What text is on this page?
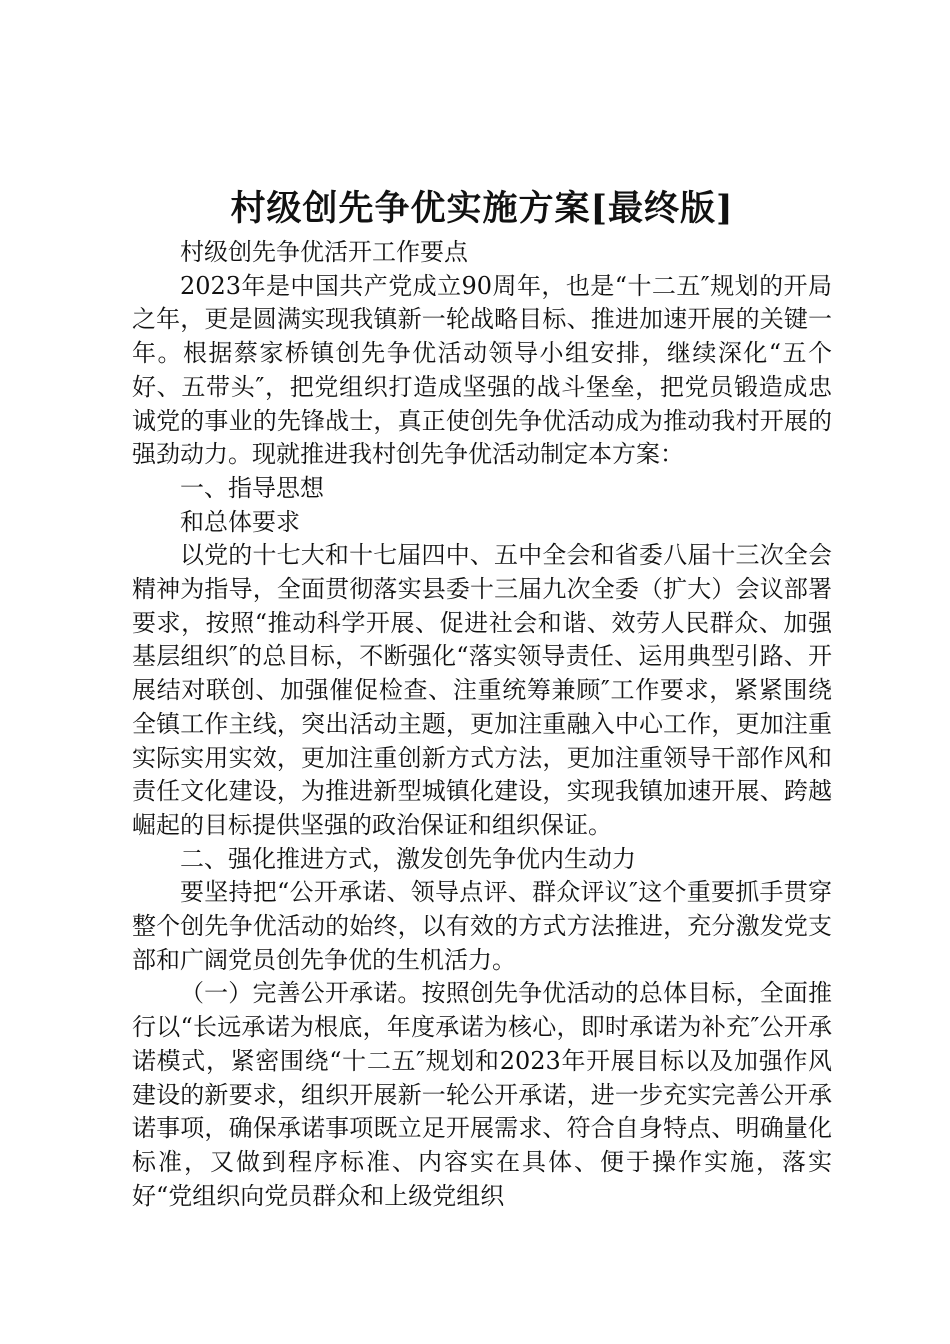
村级创先争优实施方案[最终版]

村级创先争优活开工作要点

2023年是中国共产党成立90周年，也是“十二五″规划的开局之年，更是圆满实现我镇新一轮战略目标、推进加速开展的关键一年。根据蔡家桥镇创先争优活动领导小组安排，继续深化“五个好、五带头″，把党组织打造成坚强的战斗堡垒，把党员锻造成忠诚党的事业的先锋战士，真正使创先争优活动成为推动我村开展的强劲动力。现就推进我村创先争优活动制定本方案：

一、指导思想

和总体要求

以党的十七大和十七届四中、五中全会和省委八届十三次全会精神为指导，全面贯彻落实县委十三届九次全委（扩大）会议部署要求，按照“推动科学开展、促进社会和谐、效劳人民群众、加强基层组织″的总目标，不断强化“落实领导责任、运用典型引路、开展结对联创、加强催促检查、注重统筹兼顾″工作要求，紧紧围绕全镇工作主线，突出活动主题，更加注重融入中心工作，更加注重实际实用实效，更加注重创新方式方法，更加注重领导干部作风和责任文化建设，为推进新型城镇化建设，实现我镇加速开展、跨越崛起的目标提供坚强的政治保证和组织保证。

二、强化推进方式，激发创先争优内生动力

要坚持把“公开承诺、领导点评、群众评议″这个重要抓手贯穿整个创先争优活动的始终，以有效的方式方法推进，充分激发党支部和广阔党员创先争优的生机活力。

（一）完善公开承诺。按照创先争优活动的总体目标，全面推行以“长远承诺为根底，年度承诺为核心，即时承诺为补充″公开承诺模式，紧密围绕“十二五″规划和2023年开展目标以及加强作风建设的新要求，组织开展新一轮公开承诺，进一步充实完善公开承诺事项，确保承诺事项既立足开展需求、符合自身特点、明确量化标准，又做到程序标准、内容实在具体、便于操作实施，落实好“党组织向党员群众和上级党组织
